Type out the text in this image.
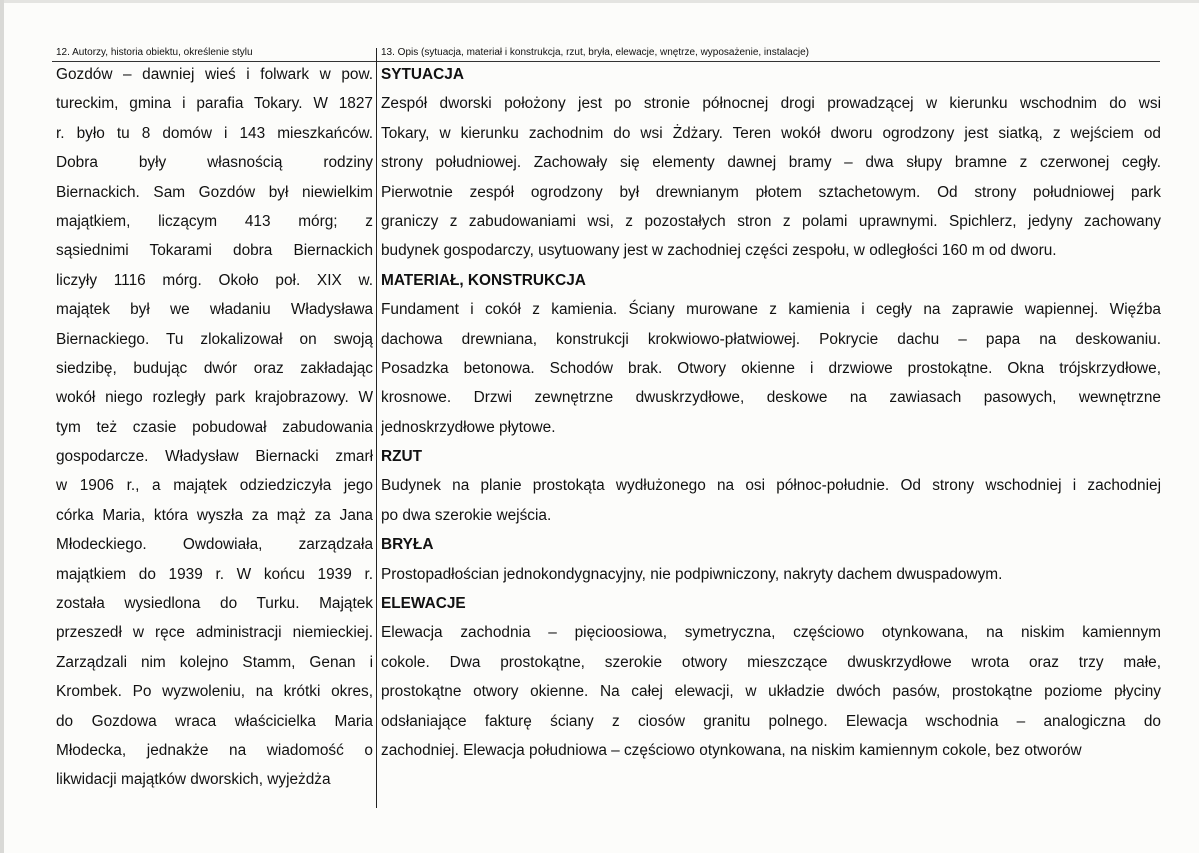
12. Autorzy, historia obiektu, określenie stylu	13. Opis (sytuacja, materiał i konstrukcja, rzut, bryła, elewacje, wnętrze, wyposażenie, instalacje)
Gozdów – dawniej wieś i folwark w pow.
tureckim, gmina i parafia Tokary. W 1827
r. było tu 8 domów i 143 mieszkańców.
Dobra były własnością rodziny
Biernackich. Sam Gozdów był niewielkim
majątkiem, liczącym 413 mórg; z
sąsiednimi Tokarami dobra Biernackich
liczyły 1116 mórg. Około poł. XIX w.
majątek był we władaniu Władysława
Biernackiego. Tu zlokalizował on swoją
siedzibę, budując dwór oraz zakładając
wokół niego rozległy park krajobrazowy. W
tym też czasie pobudował zabudowania
gospodarcze. Władysław Biernacki zmarł
w 1906 r., a majątek odziedziczyła jego
córka Maria, która wyszła za mąż za Jana
Młodeckiego. Owdowiała, zarządzała
majątkiem do 1939 r. W końcu 1939 r.
została wysiedlona do Turku. Majątek
przeszedł w ręce administracji niemieckiej.
Zarządzali nim kolejno Stamm, Genan i
Krombek. Po wyzwoleniu, na krótki okres,
do Gozdowa wraca właścicielka Maria
Młodecka, jednakże na wiadomość o
likwidacji majątków dworskich, wyjeżdża
SYTUACJA
Zespół dworski położony jest po stronie północnej drogi prowadzącej w kierunku wschodnim do wsi
Tokary, w kierunku zachodnim do wsi Żdżary. Teren wokół dworu ogrodzony jest siatką, z wejściem od
strony południowej. Zachowały się elementy dawnej bramy – dwa słupy bramne z czerwonej cegły.
Pierwotnie zespół ogrodzony był drewnianym płotem sztachetowym. Od strony południowej park
graniczy z zabudowaniami wsi, z pozostałych stron z polami uprawnymi. Spichlerz, jedyny zachowany
budynek gospodarczy, usytuowany jest w zachodniej części zespołu, w odległości 160 m od dworu.
MATERIAŁ, KONSTRUKCJA
Fundament i cokół z kamienia. Ściany murowane z kamienia i cegły na zaprawie wapiennej. Więźba
dachowa drewniana, konstrukcji krokwiowo-płatwiowej. Pokrycie dachu – papa na deskowaniu.
Posadzka betonowa. Schodów brak. Otwory okienne i drzwiowe prostokątne. Okna trójskrzydłowe,
krosnowe. Drzwi zewnętrzne dwuskrzydłowe, deskowe na zawiasach pasowych, wewnętrzne
jednoskrzydłowe płytowe.
RZUT
Budynek na planie prostokąta wydłużonego na osi północ-południe. Od strony wschodniej i zachodniej
po dwa szerokie wejścia.
BRYŁA
Prostopadłościan jednokondygnacyjny, nie podpiwniczony, nakryty dachem dwuspadowym.
ELEWACJE
Elewacja zachodnia – pięcioosiowa, symetryczna, częściowo otynkowana, na niskim kamiennym
cokole. Dwa prostokątne, szerokie otwory mieszczące dwuskrzydłowe wrota oraz trzy małe,
prostokątne otwory okienne. Na całej elewacji, w układzie dwóch pasów, prostokątne poziome płyciny
odsłaniające fakturę ściany z ciosów granitu polnego. Elewacja wschodnia – analogiczna do
zachodniej. Elewacja południowa – częściowo otynkowana, na niskim kamiennym cokole, bez otworów
